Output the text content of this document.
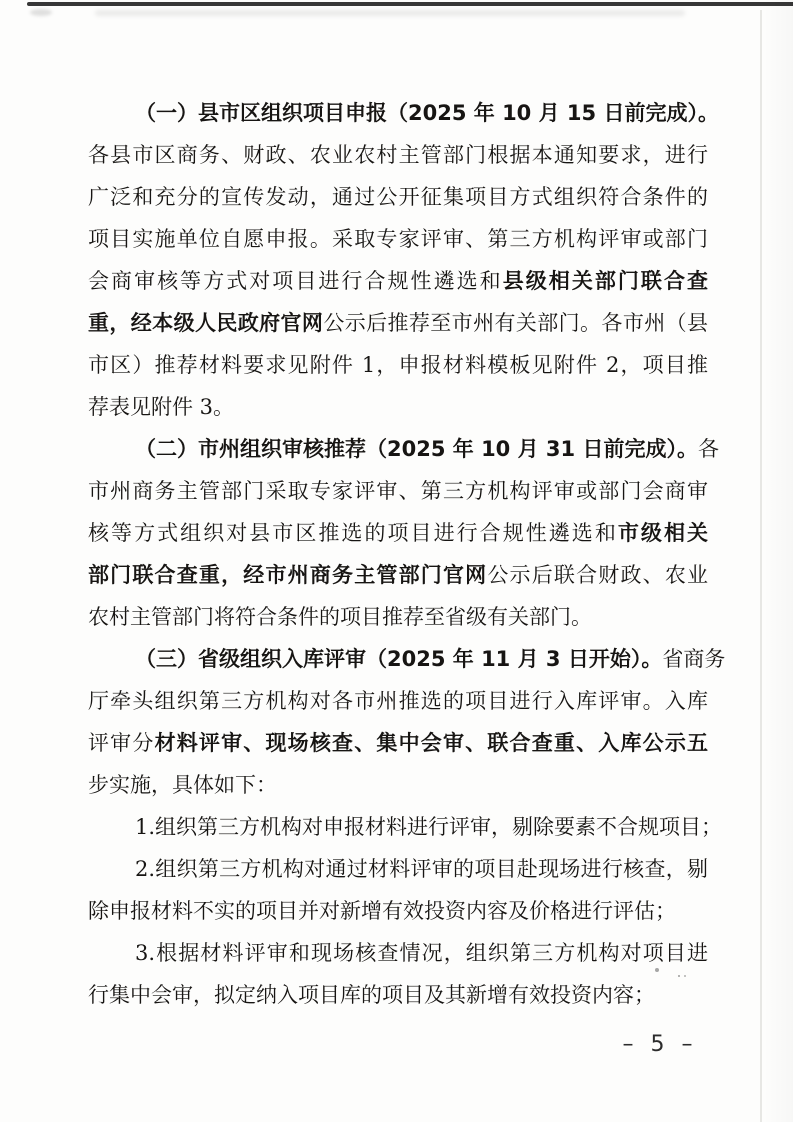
（一）县市区组织项目申报（2025 年 10 月 15 日前完成）。
各县市区商务、财政、农业农村主管部门根据本通知要求，进行
广泛和充分的宣传发动，通过公开征集项目方式组织符合条件的
项目实施单位自愿申报。采取专家评审、第三方机构评审或部门
会商审核等方式对项目进行合规性遴选和县级相关部门联合查
重，经本级人民政府官网公示后推荐至市州有关部门。各市州（县
市区）推荐材料要求见附件 1，申报材料模板见附件 2，项目推
荐表见附件 3。
（二）市州组织审核推荐（2025 年 10 月 31 日前完成）。各
市州商务主管部门采取专家评审、第三方机构评审或部门会商审
核等方式组织对县市区推选的项目进行合规性遴选和市级相关
部门联合查重，经市州商务主管部门官网公示后联合财政、农业
农村主管部门将符合条件的项目推荐至省级有关部门。
（三）省级组织入库评审（2025 年 11 月 3 日开始）。省商务
厅牵头组织第三方机构对各市州推选的项目进行入库评审。入库
评审分材料评审、现场核查、集中会审、联合查重、入库公示五
步实施，具体如下：
1.组织第三方机构对申报材料进行评审，剔除要素不合规项目；
2.组织第三方机构对通过材料评审的项目赴现场进行核查，剔
除申报材料不实的项目并对新增有效投资内容及价格进行评估；
3.根据材料评审和现场核查情况，组织第三方机构对项目进
行集中会审，拟定纳入项目库的项目及其新增有效投资内容；
– 5 –
